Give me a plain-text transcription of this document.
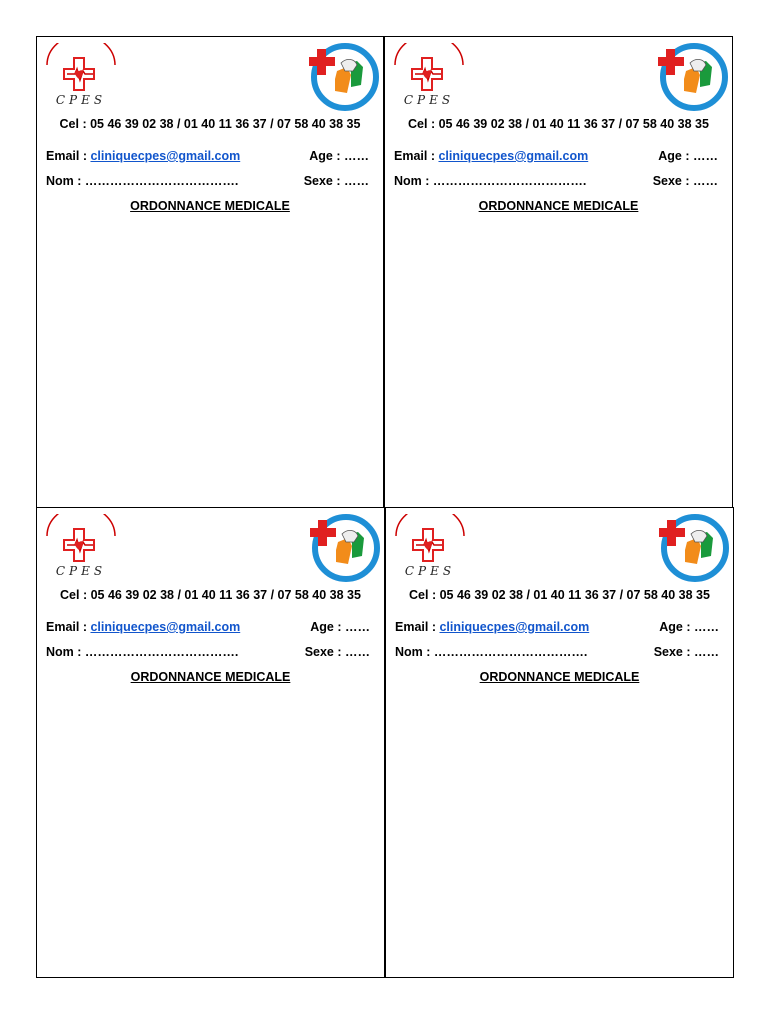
CPES
Cel : 05 46 39 02 38 / 01 40 11 36 37 / 07 58 40 38 35
Email : cliniquecpes@gmail.com	Age : ……
Nom : ……………………………….	Sexe : ……
ORDONNANCE MEDICALE
CPES
Cel : 05 46 39 02 38 / 01 40 11 36 37 / 07 58 40 38 35
Email : cliniquecpes@gmail.com	Age : ……
Nom : ……………………………….	Sexe : ……
ORDONNANCE MEDICALE
CPES
Cel : 05 46 39 02 38 / 01 40 11 36 37 / 07 58 40 38 35
Email : cliniquecpes@gmail.com	Age : ……
Nom : ……………………………….	Sexe : ……
ORDONNANCE MEDICALE
CPES
Cel : 05 46 39 02 38 / 01 40 11 36 37 / 07 58 40 38 35
Email : cliniquecpes@gmail.com	Age : ……
Nom : ……………………………….	Sexe : ……
ORDONNANCE MEDICALE
